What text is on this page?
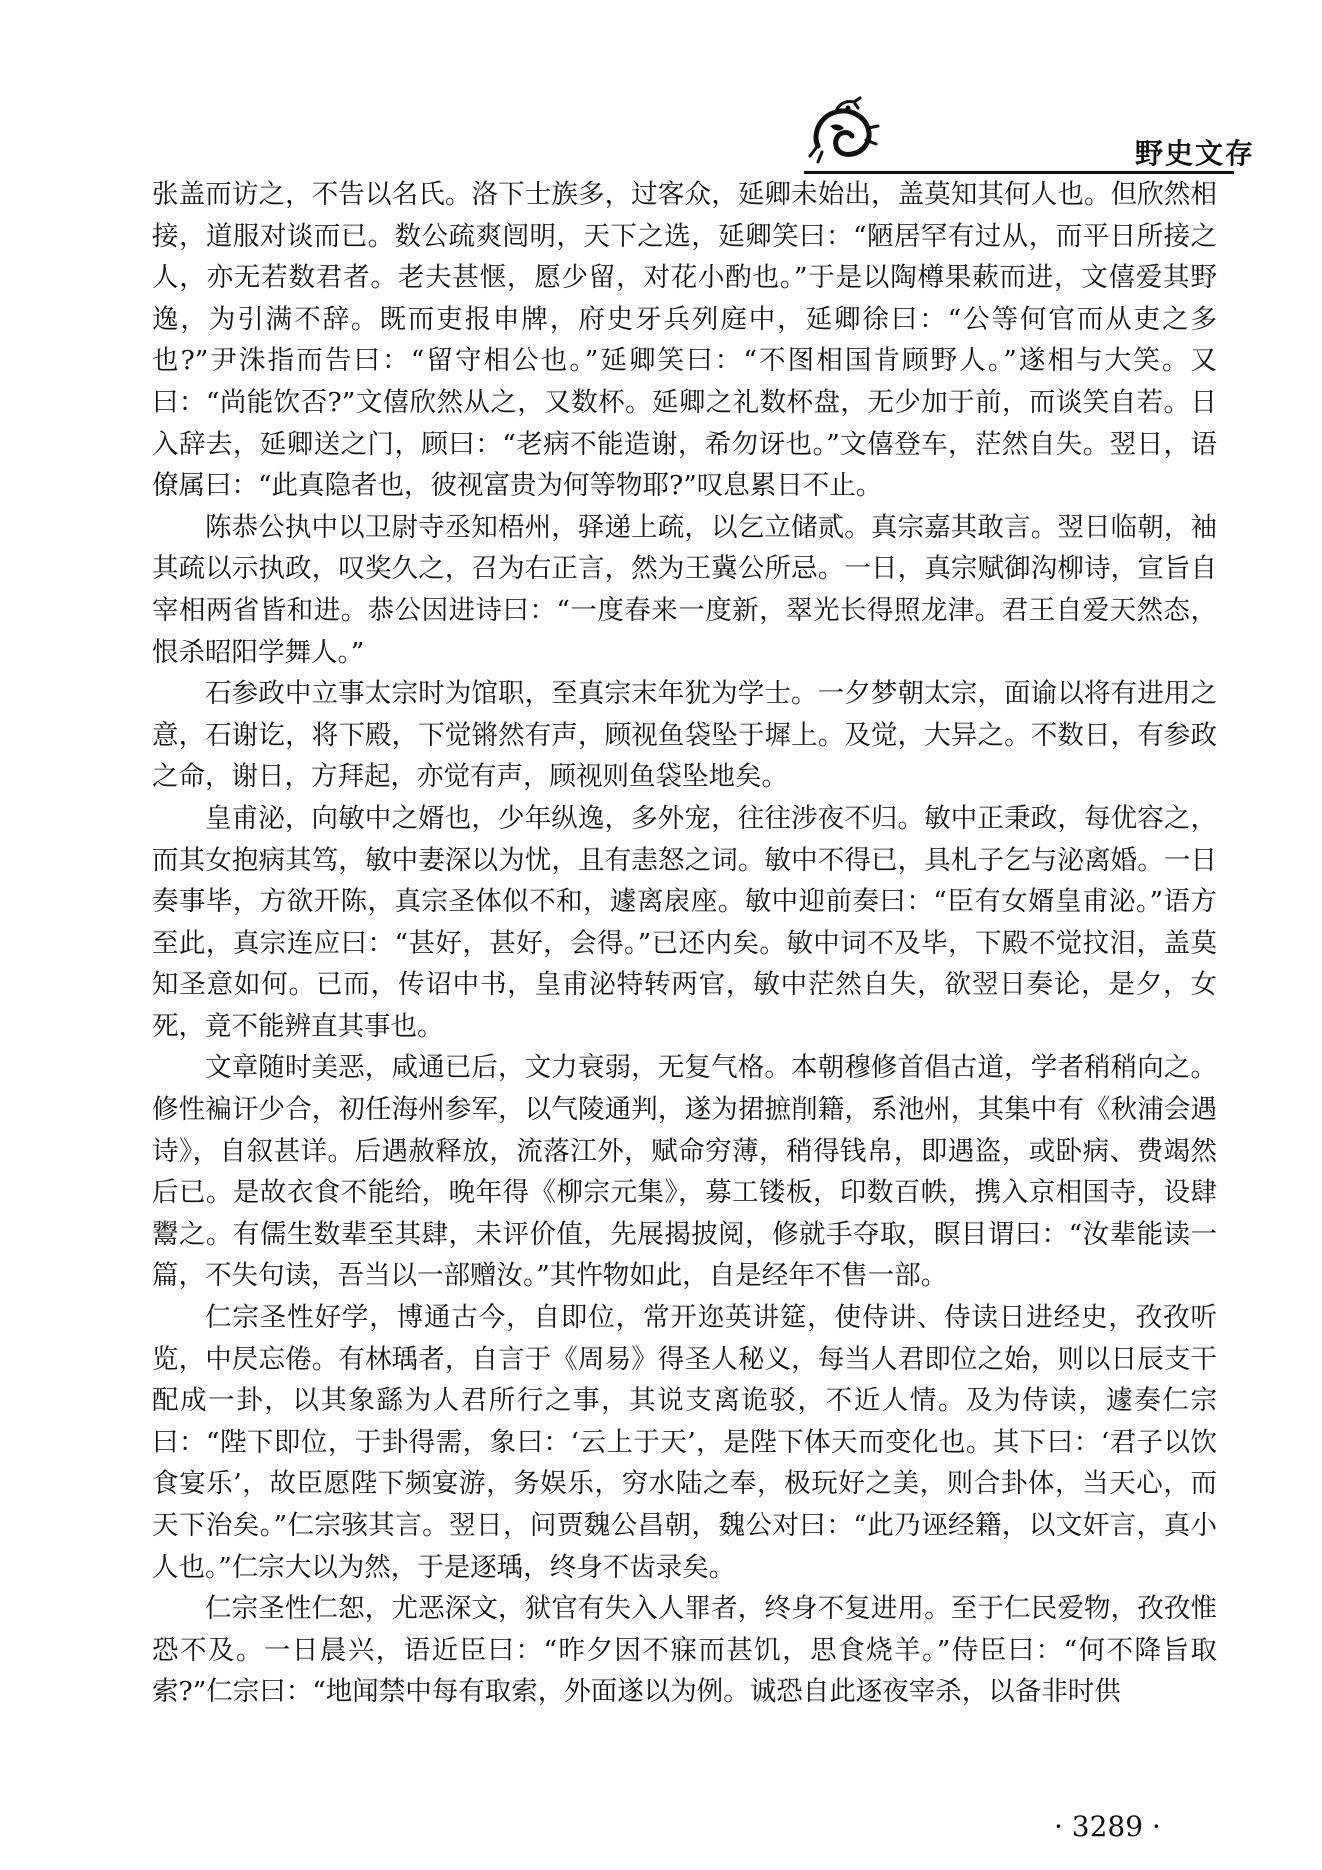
野史文存

张盖而访之，不告以名氏。洛下士族多，过客众，延卿未始出，盖莫知其何人也。但欣然相接，道服对谈而已。数公疏爽闿明，天下之选，延卿笑曰：“陋居罕有过从，而平日所接之人，亦无若数君者。老夫甚惬，愿少留，对花小酌也。”于是以陶樽果蔌而进，文僖爱其野逸，为引满不辞。既而吏报申牌，府史牙兵列庭中，延卿徐曰：“公等何官而从吏之多也?”尹洙指而告曰：“留守相公也。”延卿笑曰：“不图相国肯顾野人。”遂相与大笑。又曰：“尚能饮否?”文僖欣然从之，又数杯。延卿之礼数杯盘，无少加于前，而谈笑自若。日入辞去，延卿送之门，顾曰：“老病不能造谢，希勿讶也。”文僖登车，茫然自失。翌日，语僚属曰：“此真隐者也，彼视富贵为何等物耶?”叹息累日不止。

陈恭公执中以卫尉寺丞知梧州，驿递上疏，以乞立储贰。真宗嘉其敢言。翌日临朝，袖其疏以示执政，叹奖久之，召为右正言，然为王冀公所忌。一日，真宗赋御沟柳诗，宣旨自宰相两省皆和进。恭公因进诗曰：“一度春来一度新，翠光长得照龙津。君王自爱天然态，恨杀昭阳学舞人。”

石参政中立事太宗时为馆职，至真宗末年犹为学士。一夕梦朝太宗，面谕以将有进用之意，石谢讫，将下殿，下觉锵然有声，顾视鱼袋坠于墀上。及觉，大异之。不数日，有参政之命，谢日，方拜起，亦觉有声，顾视则鱼袋坠地矣。

皇甫泌，向敏中之婿也，少年纵逸，多外宠，往往涉夜不归。敏中正秉政，每优容之，而其女抱病其笃，敏中妻深以为忧，且有恚怒之词。敏中不得已，具札子乞与泌离婚。一日奏事毕，方欲开陈，真宗圣体似不和，遽离扆座。敏中迎前奏曰：“臣有女婿皇甫泌。”语方至此，真宗连应曰：“甚好，甚好，会得。”已还内矣。敏中词不及毕，下殿不觉抆泪，盖莫知圣意如何。已而，传诏中书，皇甫泌特转两官，敏中茫然自失，欲翌日奏论，是夕，女死，竟不能辨直其事也。

文章随时美恶，咸通已后，文力衰弱，无复气格。本朝穆修首倡古道，学者稍稍向之。修性褊讦少合，初任海州参军，以气陵通判，遂为捃摭削籍，系池州，其集中有《秋浦会遇诗》，自叙甚详。后遇赦释放，流落江外，赋命穷薄，稍得钱帛，即遇盗，或卧病、费竭然后已。是故衣食不能给，晚年得《柳宗元集》，募工镂板，印数百帙，携入京相国寺，设肆鬻之。有儒生数辈至其肆，未评价值，先展揭披阅，修就手夺取，瞑目谓曰：“汝辈能读一篇，不失句读，吾当以一部赠汝。”其忤物如此，自是经年不售一部。

仁宗圣性好学，博通古今，自即位，常开迩英讲筵，使侍讲、侍读日进经史，孜孜听览，中昃忘倦。有林瑀者，自言于《周易》得圣人秘义，每当人君即位之始，则以日辰支干配成一卦，以其象繇为人君所行之事，其说支离诡驳，不近人情。及为侍读，遽奏仁宗曰：“陛下即位，于卦得需，象曰：‘云上于天’，是陛下体天而变化也。其下曰：‘君子以饮食宴乐’，故臣愿陛下频宴游，务娱乐，穷水陆之奉，极玩好之美，则合卦体，当天心，而天下治矣。”仁宗骇其言。翌日，问贾魏公昌朝，魏公对曰：“此乃诬经籍，以文奸言，真小人也。”仁宗大以为然，于是逐瑀，终身不齿录矣。

仁宗圣性仁恕，尤恶深文，狱官有失入人罪者，终身不复进用。至于仁民爱物，孜孜惟恐不及。一日晨兴，语近臣曰：“昨夕因不寐而甚饥，思食烧羊。”侍臣曰：“何不降旨取索?”仁宗曰：“地闻禁中每有取索，外面遂以为例。诚恐自此逐夜宰杀，以备非时供

· 3289 ·
